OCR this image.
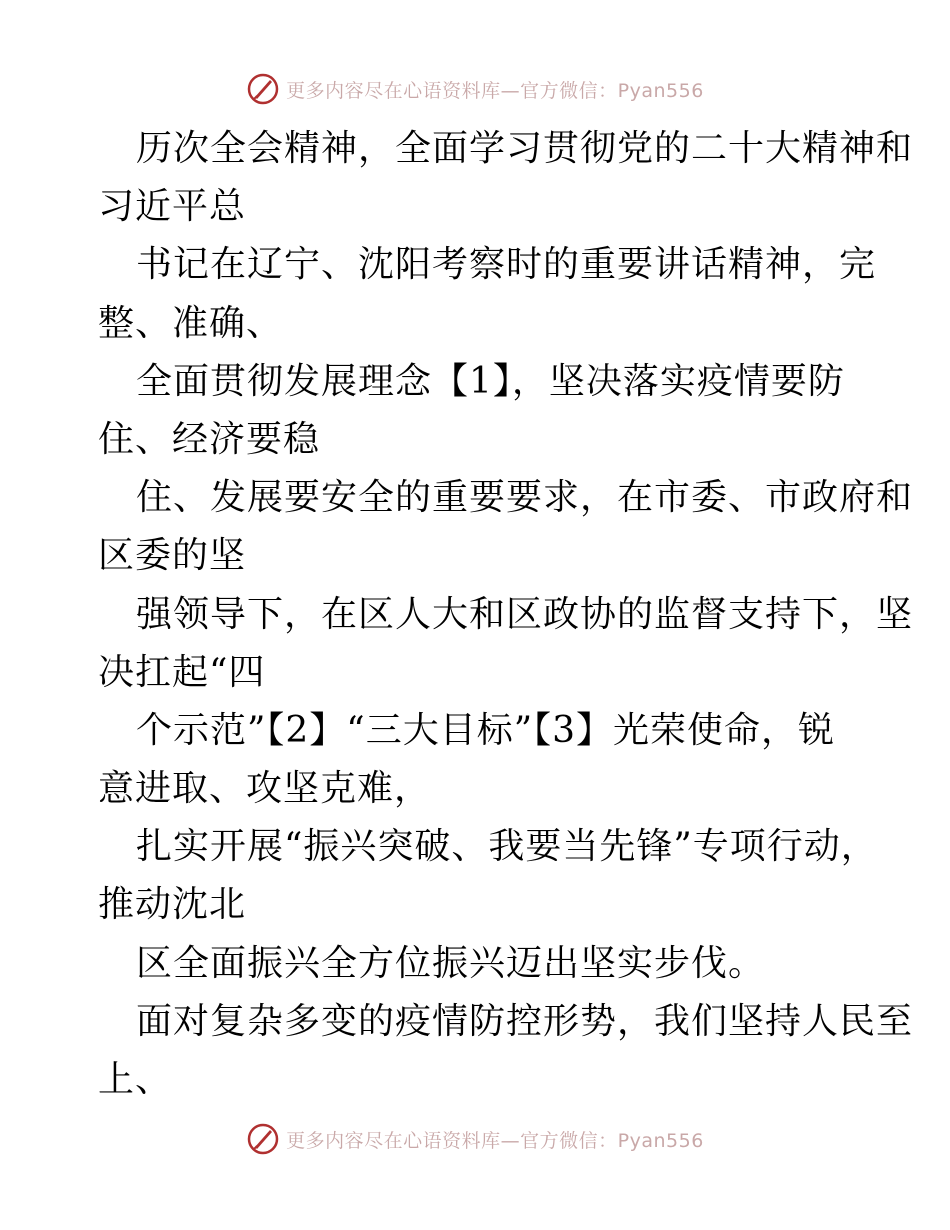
更多内容尽在心语资料库—官方微信：Pyan556

历次全会精神，全面学习贯彻党的二十大精神和

习近平总

书记在辽宁、沈阳考察时的重要讲话精神，完

整、准确、

全面贯彻发展理念【1】，坚决落实疫情要防

住、经济要稳

住、发展要安全的重要要求，在市委、市政府和

区委的坚

强领导下，在区人大和区政协的监督支持下，坚

决扛起“四

个示范”【2】“三大目标”【3】光荣使命，锐

意进取、攻坚克难，

扎实开展“振兴突破、我要当先锋”专项行动，

推动沈北

区全面振兴全方位振兴迈出坚实步伐。

面对复杂多变的疫情防控形势，我们坚持人民至

上、

更多内容尽在心语资料库—官方微信：Pyan556
